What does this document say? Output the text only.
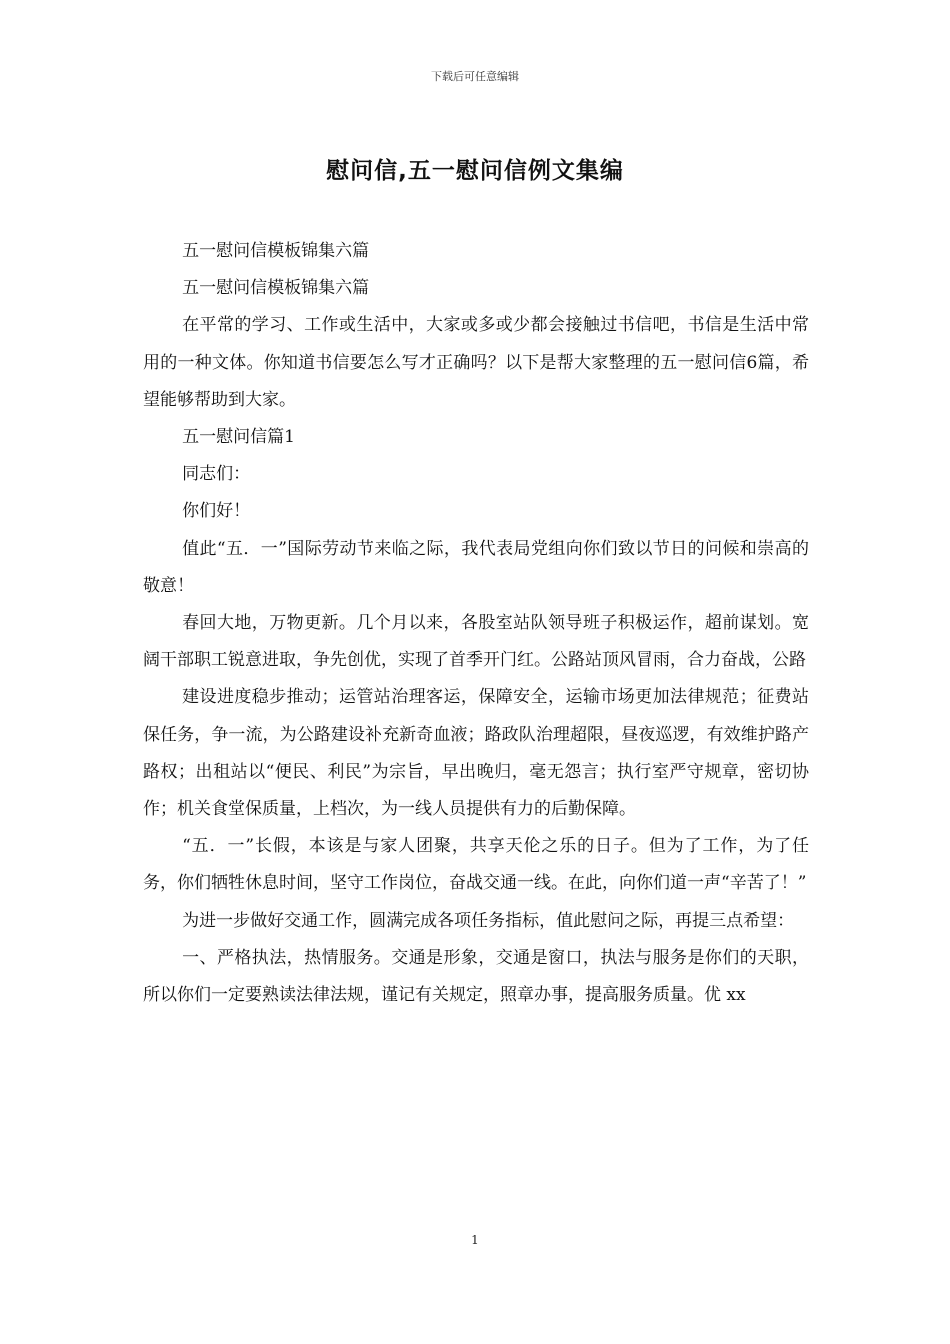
下载后可任意编辑
慰问信,五一慰问信例文集编

五一慰问信模板锦集六篇

五一慰问信模板锦集六篇

在平常的学习、工作或生活中，大家或多或少都会接触过书信吧，书信是生活中常用的一种文体。你知道书信要怎么写才正确吗？以下是帮大家整理的五一慰问信6篇，希望能够帮助到大家。

五一慰问信篇1

同志们：

你们好！

值此“五．一”国际劳动节来临之际，我代表局党组向你们致以节日的问候和崇高的敬意！

春回大地，万物更新。几个月以来，各股室站队领导班子积极运作，超前谋划。宽阔干部职工锐意进取，争先创优，实现了首季开门红。公路站顶风冒雨，合力奋战，公路

建设进度稳步推动；运管站治理客运，保障安全，运输市场更加法律规范；征费站保任务，争一流，为公路建设补充新奇血液；路政队治理超限，昼夜巡逻，有效维护路产路权；出租站以“便民、利民”为宗旨，早出晚归，毫无怨言；执行室严守规章，密切协作；机关食堂保质量，上档次，为一线人员提供有力的后勤保障。

“五．一”长假，本该是与家人团聚，共享天伦之乐的日子。但为了工作，为了任务，你们牺牲休息时间，坚守工作岗位，奋战交通一线。在此，向你们道一声“辛苦了！”

为进一步做好交通工作，圆满完成各项任务指标，值此慰问之际，再提三点希望：

一、严格执法，热情服务。交通是形象，交通是窗口，执法与服务是你们的天职，所以你们一定要熟读法律法规，谨记有关规定，照章办事，提高服务质量。优 xx

1
